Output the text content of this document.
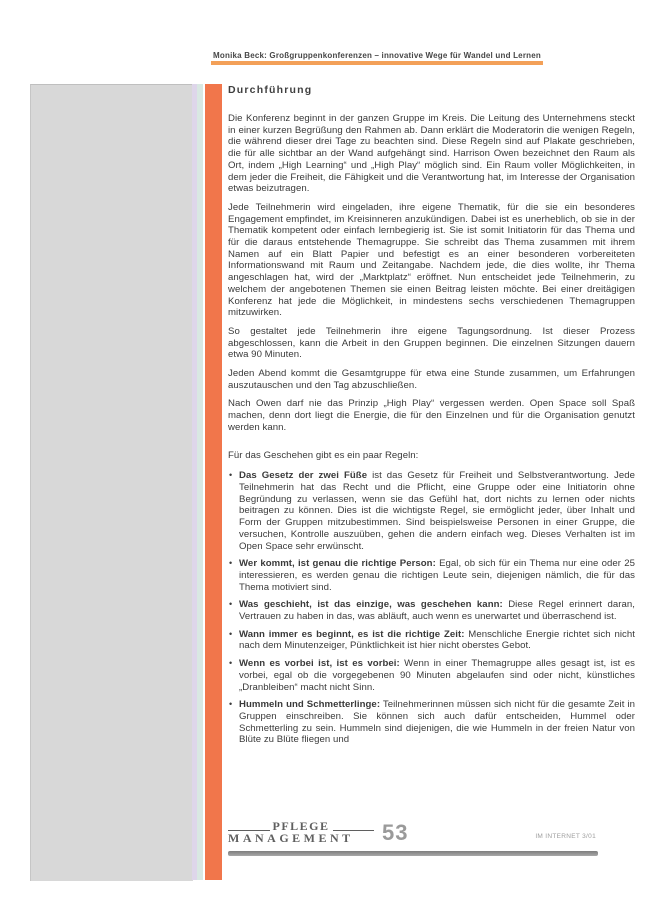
Monika Beck: Großgruppenkonferenzen – innovative Wege für Wandel und Lernen
Durchführung

Die Konferenz beginnt in der ganzen Gruppe im Kreis. Die Leitung des Unternehmens steckt in einer kurzen Begrüßung den Rahmen ab. Dann erklärt die Moderatorin die wenigen Regeln, die während dieser drei Tage zu beachten sind. Diese Regeln sind auf Plakate geschrieben, die für alle sichtbar an der Wand aufgehängt sind. Harrison Owen bezeichnet den Raum als Ort, indem „High Learning“ und „High Play“ möglich sind. Ein Raum voller Möglichkeiten, in dem jeder die Freiheit, die Fähigkeit und die Verantwortung hat, im Interesse der Organisation etwas beizutragen.

Jede Teilnehmerin wird eingeladen, ihre eigene Thematik, für die sie ein besonderes Engagement empfindet, im Kreisinneren anzukündigen. Dabei ist es unerheblich, ob sie in der Thematik kompetent oder einfach lernbegierig ist. Sie ist somit Initiatorin für das Thema und für die daraus entstehende Themagruppe. Sie schreibt das Thema zusammen mit ihrem Namen auf ein Blatt Papier und befestigt es an einer besonderen vorbereiteten Informationswand mit Raum und Zeitangabe. Nachdem jede, die dies wollte, ihr Thema angeschlagen hat, wird der „Marktplatz“ eröffnet. Nun entscheidet jede Teilnehmerin, zu welchem der angebotenen Themen sie einen Beitrag leisten möchte. Bei einer dreitägigen Konferenz hat jede die Möglichkeit, in mindestens sechs verschiedenen Themagruppen mitzuwirken.

So gestaltet jede Teilnehmerin ihre eigene Tagungsordnung. Ist dieser Prozess abgeschlossen, kann die Arbeit in den Gruppen beginnen. Die einzelnen Sitzungen dauern etwa 90 Minuten.

Jeden Abend kommt die Gesamtgruppe für etwa eine Stunde zusammen, um Erfahrungen auszutauschen und den Tag abzuschließen.

Nach Owen darf nie das Prinzip „High Play“ vergessen werden. Open Space soll Spaß machen, denn dort liegt die Energie, die für den Einzelnen und für die Organisation genutzt werden kann.

Für das Geschehen gibt es ein paar Regeln:

• Das Gesetz der zwei Füße ist das Gesetz für Freiheit und Selbstverantwortung. Jede Teilnehmerin hat das Recht und die Pflicht, eine Gruppe oder eine Initiatorin ohne Begründung zu verlassen, wenn sie das Gefühl hat, dort nichts zu lernen oder nichts beitragen zu können. Dies ist die wichtigste Regel, sie ermöglicht jeder, über Inhalt und Form der Gruppen mitzubestimmen. Sind beispielsweise Personen in einer Gruppe, die versuchen, Kontrolle auszuüben, gehen die andern einfach weg. Dieses Verhalten ist im Open Space sehr erwünscht.
• Wer kommt, ist genau die richtige Person: Egal, ob sich für ein Thema nur eine oder 25 interessieren, es werden genau die richtigen Leute sein, diejenigen nämlich, die für das Thema motiviert sind.
• Was geschieht, ist das einzige, was geschehen kann: Diese Regel erinnert daran, Vertrauen zu haben in das, was abläuft, auch wenn es unerwartet und überraschend ist.
• Wann immer es beginnt, es ist die richtige Zeit: Menschliche Energie richtet sich nicht nach dem Minutenzeiger, Pünktlichkeit ist hier nicht oberstes Gebot.
• Wenn es vorbei ist, ist es vorbei: Wenn in einer Themagruppe alles gesagt ist, ist es vorbei, egal ob die vorgegebenen 90 Minuten abgelaufen sind oder nicht, künstliches „Dranbleiben“ macht nicht Sinn.
• Hummeln und Schmetterlinge: Teilnehmerinnen müssen sich nicht für die gesamte Zeit in Gruppen einschreiben. Sie können sich auch dafür entscheiden, Hummel oder Schmetterling zu sein. Hummeln sind diejenigen, die wie Hummeln in der freien Natur von Blüte zu Blüte fliegen und
PFLEGE
MANAGEMENT	53	IM INTERNET 3/01
